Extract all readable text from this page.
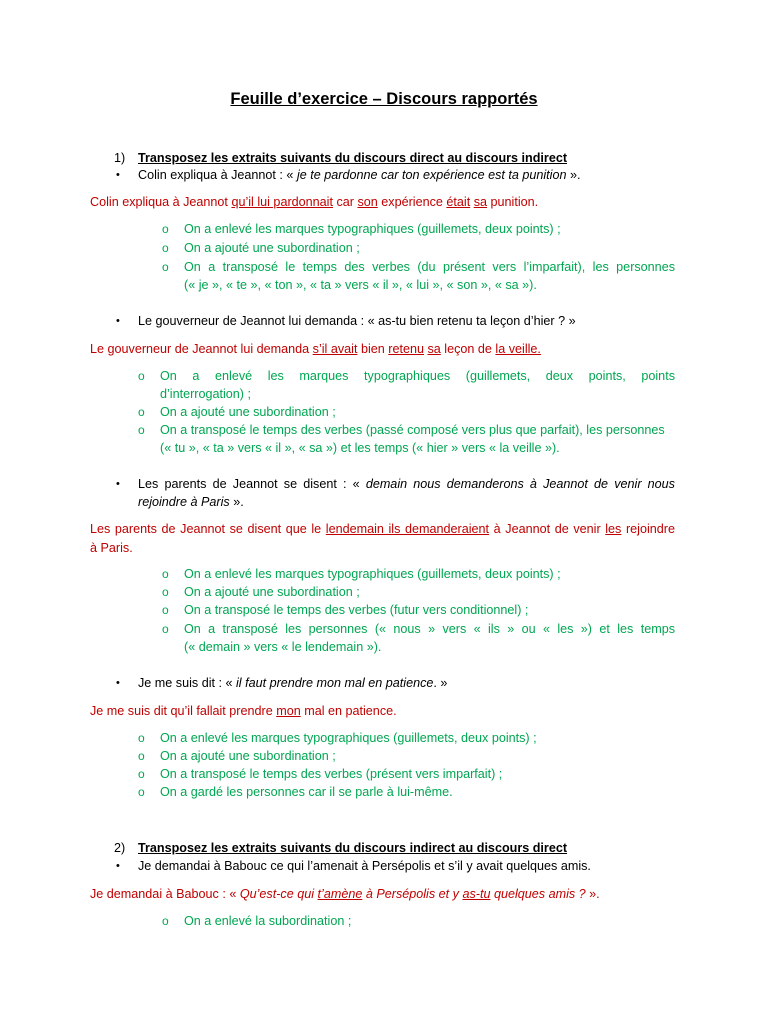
Feuille d’exercice – Discours rapportés
1) Transposez les extraits suivants du discours direct au discours indirect
• Colin expliqua à Jeannot : « je te pardonne car ton expérience est ta punition ».
Colin expliqua à Jeannot qu’il lui pardonnait car son expérience était sa punition.
o On a enlevé les marques typographiques (guillemets, deux points) ;
o On a ajouté une subordination ;
o On a transposé le temps des verbes (du présent vers l’imparfait), les personnes
(« je », « te », « ton », « ta » vers « il », « lui », « son », « sa »).
• Le gouverneur de Jeannot lui demanda : « as-tu bien retenu ta leçon d’hier ? »
Le gouverneur de Jeannot lui demanda s’il avait bien retenu sa leçon de la veille.
o On a enlevé les marques typographiques (guillemets, deux points, points
d’interrogation) ;
o On a ajouté une subordination ;
o On a transposé le temps des verbes (passé composé vers plus que parfait), les personnes
(« tu », « ta » vers « il », « sa ») et les temps (« hier » vers « la veille »).
• Les parents de Jeannot se disent : « demain nous demanderons à Jeannot de venir nous
rejoindre à Paris ».
Les parents de Jeannot se disent que le lendemain ils demanderaient à Jeannot de venir les rejoindre
à Paris.
o On a enlevé les marques typographiques (guillemets, deux points) ;
o On a ajouté une subordination ;
o On a transposé le temps des verbes (futur vers conditionnel) ;
o On a transposé les personnes (« nous » vers « ils » ou « les ») et les temps
(« demain » vers « le lendemain »).
• Je me suis dit : « il faut prendre mon mal en patience. »
Je me suis dit qu’il fallait prendre mon mal en patience.
o On a enlevé les marques typographiques (guillemets, deux points) ;
o On a ajouté une subordination ;
o On a transposé le temps des verbes (présent vers imparfait) ;
o On a gardé les personnes car il se parle à lui-même.
2) Transposez les extraits suivants du discours indirect au discours direct
• Je demandai à Babouc ce qui l’amenait à Persépolis et s’il y avait quelques amis.
Je demandai à Babouc : « Qu’est-ce qui t’amène à Persépolis et y as-tu quelques amis ? ».
o On a enlevé la subordination ;
